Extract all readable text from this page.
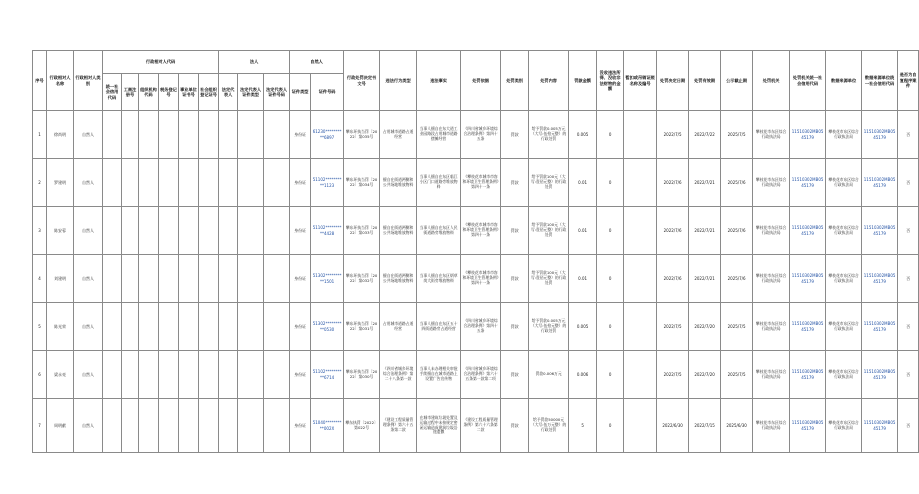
序号	行政相对人名称	行政相对人类别	行政相对人代码						法人			自然人		行政处罚决定书文号	违法行为类型	违法事实	处罚依据	处罚类别	处罚内容	罚款金额	没收违法所得、没收非法财物的金额	暂扣或吊销证照名称及编号	处罚决定日期	处罚有效期	公示截止期	处罚机关	处罚机关统一社会信用代码	数据来源单位	数据来源单位统一社会信用代码	是否为自复程序案件
			统一社会信用代码	工商注册号	组织机构代码	税务登记号	事业单位证书号	社会组织登记证号	法定代表人	法定代表人证件类型	法定代表人证件号码	证件类型	证件号码																	
1	徐尚明	自然人										身份证	61230**********6897	攀东环执当罚〔2022〕第035号	占用城市道路占道经营	当事人擅自在东大道工业园路段占用城市道路摆摊经营	《四川省城乡环境综合治理条例》第四十五条	罚款	给予罚款0.005万元（大写:伍拾元整）的行政处罚	0.005	0		2022/7/5	2022/7/22	2025/7/5	攀枝花市东区综合行政执法局	11510302MB0545179	攀枝花市东区综合行政执法局	11510302MB0545179	否
2	罗建明	自然人										身份证	51102**********1123	攀东环执当罚〔2022〕第034号	擅自在街道两侧和公共场地堆放物料	当事人擅自在东区临江小区门口道路旁堆放物料	《攀枝花市城市市容和环境卫生管理条例》第四十一条	罚款	给予罚款100元（大写:壹佰元整）的行政处罚	0.01	0		2022/7/6	2022/7/21	2025/7/6	攀枝花市东区综合行政执法局	11510302MB0545179	攀枝花市东区综合行政执法局	11510302MB0545179	否
3	陈安蓉	自然人										身份证	51102**********4428	攀东环执当罚〔2022〕第033号	擅自在街道两侧和公共场地堆放物料	当事人擅自在东区人民街道路旁堆放物料	《攀枝花市城市市容和环境卫生管理条例》第四十一条	罚款	给予罚款100元（大写:壹佰元整）的行政处罚	0.01	0		2022/7/6	2022/7/21	2025/7/6	攀枝花市东区综合行政执法局	11510302MB0545179	攀枝花市东区综合行政执法局	11510302MB0545179	否
4	刘建明	自然人										身份证	51302**********1501	攀东环执当罚〔2022〕第032号	擅自在街道两侧和公共场地堆放物料	当事人擅自在东区炳草岗大街旁堆放物料	《攀枝花市城市市容和环境卫生管理条例》第四十一条	罚款	给予罚款100元（大写:壹佰元整）的行政处罚	0.01	0		2022/7/6	2022/7/21	2025/7/6	攀枝花市东区综合行政执法局	11510302MB0545179	攀枝花市东区综合行政执法局	11510302MB0545179	否
5	陈光荣	自然人										身份证	51302**********0530	攀东环执当罚〔2022〕第031号	占用城市道路占道经营	当事人擅自在东区五十四街道路旁占道经营	《四川省城乡环境综合治理条例》第四十五条	罚款	给予罚款0.005万元（大写:伍拾元整）的行政处罚	0.005	0		2022/7/5	2022/7/20	2025/7/5	攀枝花市东区综合行政执法局	11510302MB0545179	攀枝花市东区综合行政执法局	11510302MB0545179	否
6	梁永亮	自然人										身份证	51102**********6714	攀东环执当罚〔2022〕第030号	《四川省城乡环境综合治理条例》第二十八条第一款	当事人未办理相关审批手续擅自在城市道路上设置广告宣传物	《四川省城乡环境综合治理条例》第六十五条第一款第二项	罚款	罚款0.006万元	0.006	0		2022/7/5	2022/7/20	2025/7/5	攀枝花市东区综合行政执法局	11510302MB0545179	攀枝花市东区综合行政执法局	11510302MB0545179	否
7	周明献	自然人										身份证	51040**********002X	攀东执罚〔2022〕第022号	《建设工程质量管理条例》第六十五条第二款	在城市建筑垃圾处置及运输过程中未按规定密闭运输造成建筑垃圾沿途遗撒	《建设工程质量管理条例》第六十六条第二款	罚款	给予罚款50000元（大写:伍万元整）的行政处罚	5	0		2022/6/30	2022/7/15	2025/6/30	攀枝花市东区综合行政执法局	11510302MB0545179	攀枝花市东区综合行政执法局	11510302MB0545179	否
